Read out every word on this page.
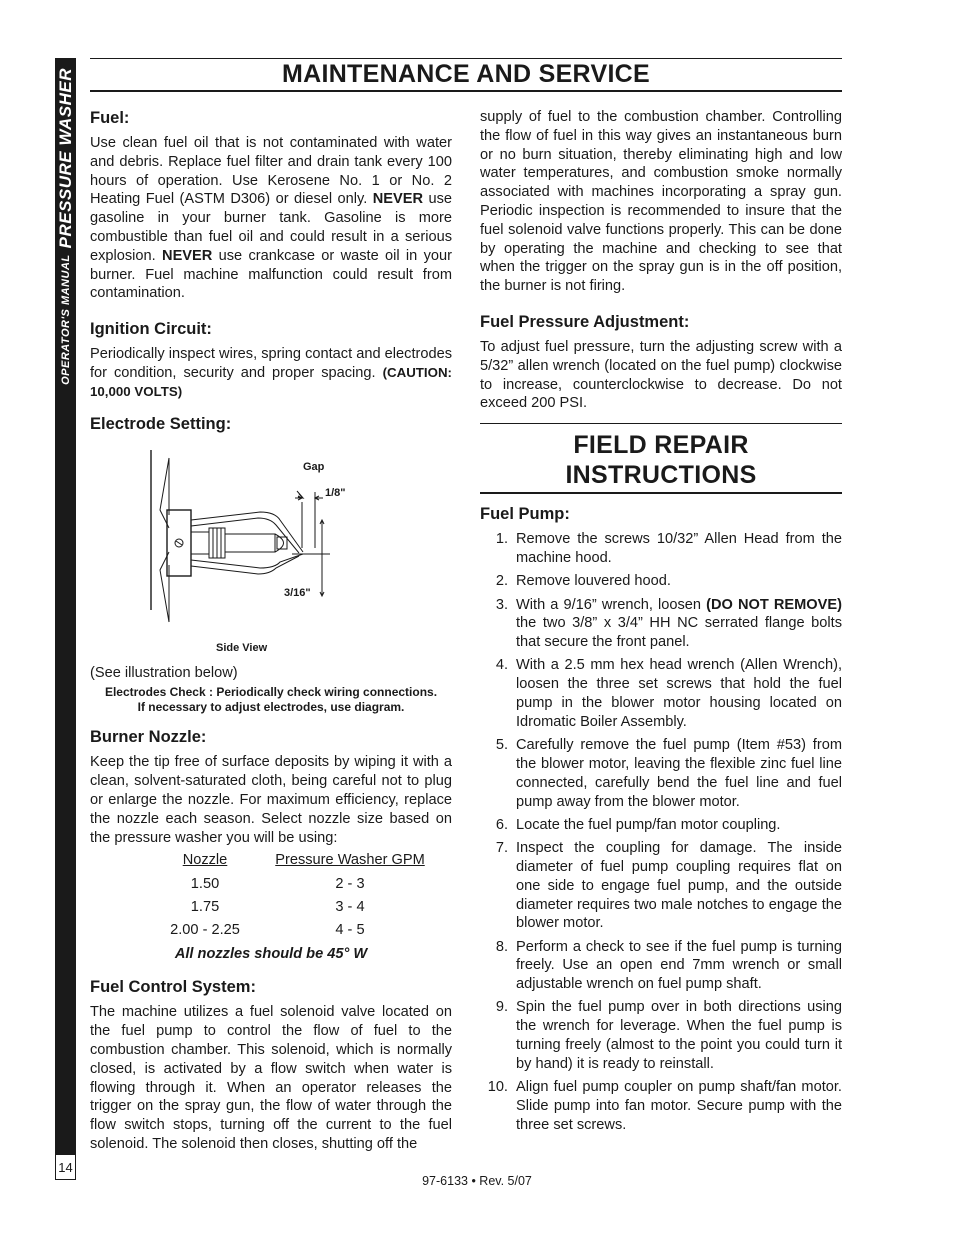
OPERATOR'S MANUAL
PRESSURE WASHER
14
MAINTENANCE AND SERVICE
Fuel:

Use clean fuel oil that is not contaminated with water and debris. Replace fuel filter and drain tank every 100 hours of operation. Use Kerosene No. 1 or No. 2 Heating Fuel (ASTM D306) or diesel only. NEVER use gasoline in your burner tank. Gasoline is more combustible than fuel oil and could result in a serious explosion. NEVER use crankcase or waste oil in your burner. Fuel machine malfunction could result from contamination.

Ignition Circuit:

Periodically inspect wires, spring contact and electrodes for condition, security and proper spacing. (CAUTION: 10,000 VOLTS)

Electrode Setting:
Gap
1/8"
3/16"
Side View

(See illustration below)

Electrodes Check : Periodically check wiring connections.
If necessary to adjust electrodes, use diagram.
Burner Nozzle:

Keep the tip free of surface deposits by wiping it with a clean, solvent-saturated cloth, being careful not to plug or enlarge the nozzle. For maximum efficiency, replace the nozzle each season. Select nozzle size based on the pressure washer you will be using:

Nozzle	Pressure Washer GPM
1.50	2 - 3
1.75	3 - 4
2.00 - 2.25	4 - 5
All nozzles should be 45° W
Fuel Control System:

The machine utilizes a fuel solenoid valve located on the fuel pump to control the flow of fuel to the combustion chamber. This solenoid, which is normally closed, is activated by a flow switch when water is flowing through it. When an operator releases the trigger on the spray gun, the flow of water through the flow switch stops, turning off the current to the fuel solenoid. The solenoid then closes, shutting off the

supply of fuel to the combustion chamber. Controlling the flow of fuel in this way gives an instantaneous burn or no burn situation, thereby eliminating high and low water temperatures, and combustion smoke normally associated with machines incorporating a spray gun. Periodic inspection is recommended to insure that the fuel solenoid valve functions properly. This can be done by operating the machine and checking to see that when the trigger on the spray gun is in the off position, the burner is not firing.

Fuel Pressure Adjustment:

To adjust fuel pressure, turn the adjusting screw with a 5/32” allen wrench (located on the fuel pump) clockwise to increase, counterclockwise to decrease. Do not exceed 200 PSI.

FIELD REPAIR
INSTRUCTIONS
Fuel Pump:
1. Remove the screws 10/32” Allen Head from the machine hood.
2. Remove louvered hood.
3. With a 9/16” wrench, loosen (DO NOT REMOVE) the two 3/8” x 3/4” HH NC serrated flange bolts that secure the front panel.
4. With a 2.5 mm hex head wrench (Allen Wrench), loosen the three set screws that hold the fuel pump in the blower motor housing located on Idromatic Boiler Assembly.
5. Carefully remove the fuel pump (Item #53) from the blower motor, leaving the flexible zinc fuel line connected, carefully bend the fuel line and fuel pump away from the blower motor.
6. Locate the fuel pump/fan motor coupling.
7. Inspect the coupling for damage. The inside diameter of fuel pump coupling requires flat on one side to engage fuel pump, and the outside diameter requires two male notches to engage the blower motor.
8. Perform a check to see if the fuel pump is turning freely. Use an open end 7mm wrench or small adjustable wrench on fuel pump shaft.
9. Spin the fuel pump over in both directions using the wrench for leverage. When the fuel pump is turning freely (almost to the point you could turn it by hand) it is ready to reinstall.
10. Align fuel pump coupler on pump shaft/fan motor. Slide pump into fan motor. Secure pump with the three set screws.
97-6133 • Rev. 5/07
